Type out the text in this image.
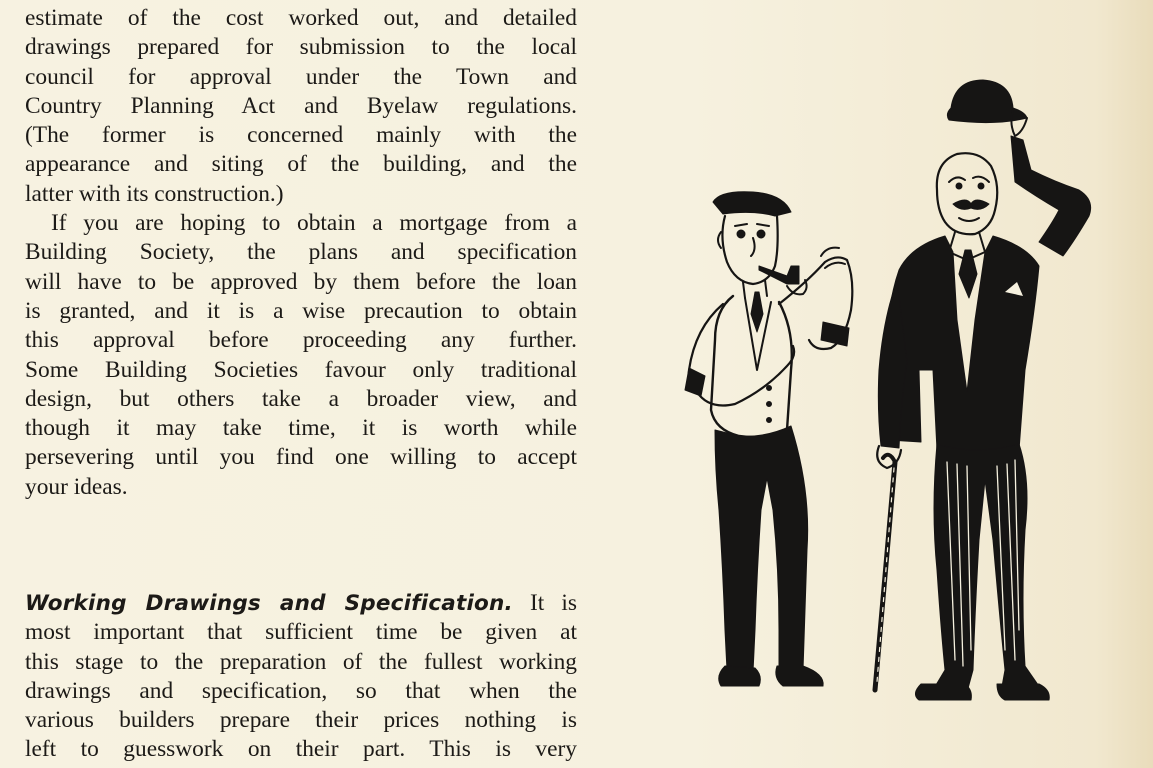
estimate of the cost worked out, and detailed
drawings prepared for submission to the local
council for approval under the Town and
Country Planning Act and Byelaw regulations.
(The former is concerned mainly with the
appearance and siting of the building, and the
latter with its construction.)

If you are hoping to obtain a mortgage from a
Building Society, the plans and specification
will have to be approved by them before the loan
is granted, and it is a wise precaution to obtain
this approval before proceeding any further.
Some Building Societies favour only traditional
design, but others take a broader view, and
though it may take time, it is worth while
persevering until you find one willing to accept
your ideas.

Working Drawings and Specification. It is
most important that sufficient time be given at
this stage to the preparation of the fullest working
drawings and specification, so that when the
various builders prepare their prices nothing is
left to guesswork on their part. This is very
